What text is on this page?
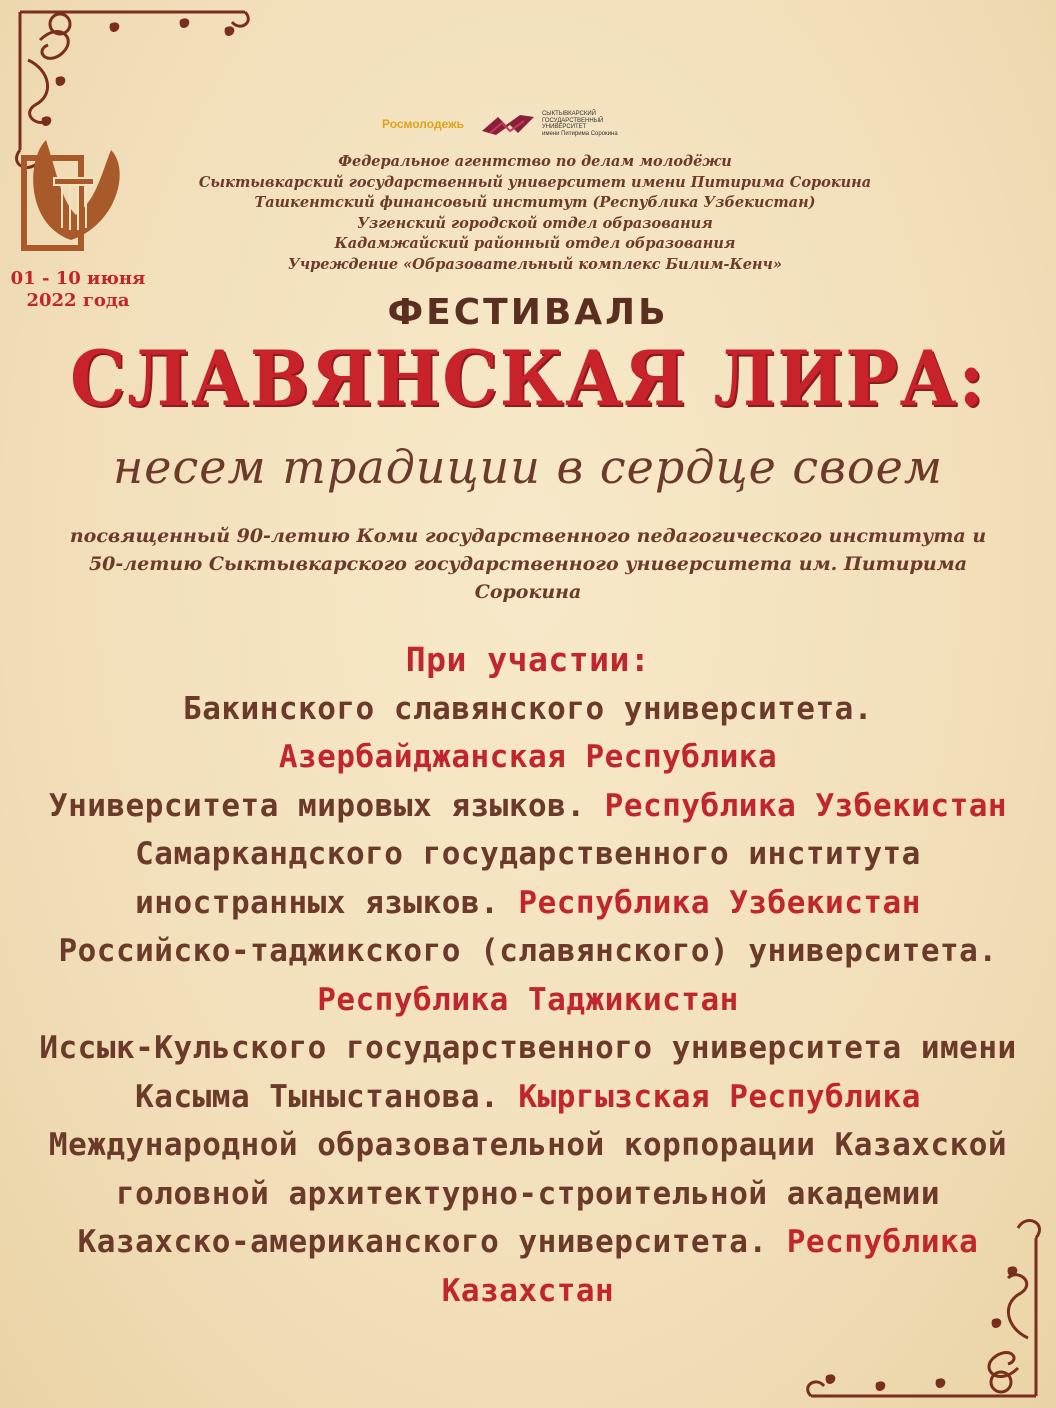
01 - 10 июня
2022 года
Росмолодежь
СЫКТЫВКАРСКИЙ
ГОСУДАРСТВЕННЫЙ
УНИВЕРСИТЕТ
имени Питирима Сорокина
Федеральное агентство по делам молодёжи
Сыктывкарский государственный университет имени Питирима Сорокина
Ташкентский финансовый институт (Республика Узбекистан)
Узгенский городской отдел образования
Кадамжайский районный отдел образования
Учреждение «Образовательный комплекс Билим-Кенч»
ФЕСТИВАЛЬ
СЛАВЯНСКАЯ ЛИРА:
несем традиции в сердце своем
посвященный 90-летию Коми государственного педагогического института и
50-летию Сыктывкарского государственного университета им. Питирима
Сорокина
При участии:
Бакинского славянского университета.
Азербайджанская Республика
Университета мировых языков. Республика Узбекистан
Самаркандского государственного института
иностранных языков. Республика Узбекистан
Российско-таджикского (славянского) университета.
Республика Таджикистан
Иссык-Кульского государственного университета имени
Касыма Тыныстанова. Кыргызская Республика
Международной образовательной корпорации Казахской
головной архитектурно-строительной академии
Казахско-американского университета. Республика
Казахстан
